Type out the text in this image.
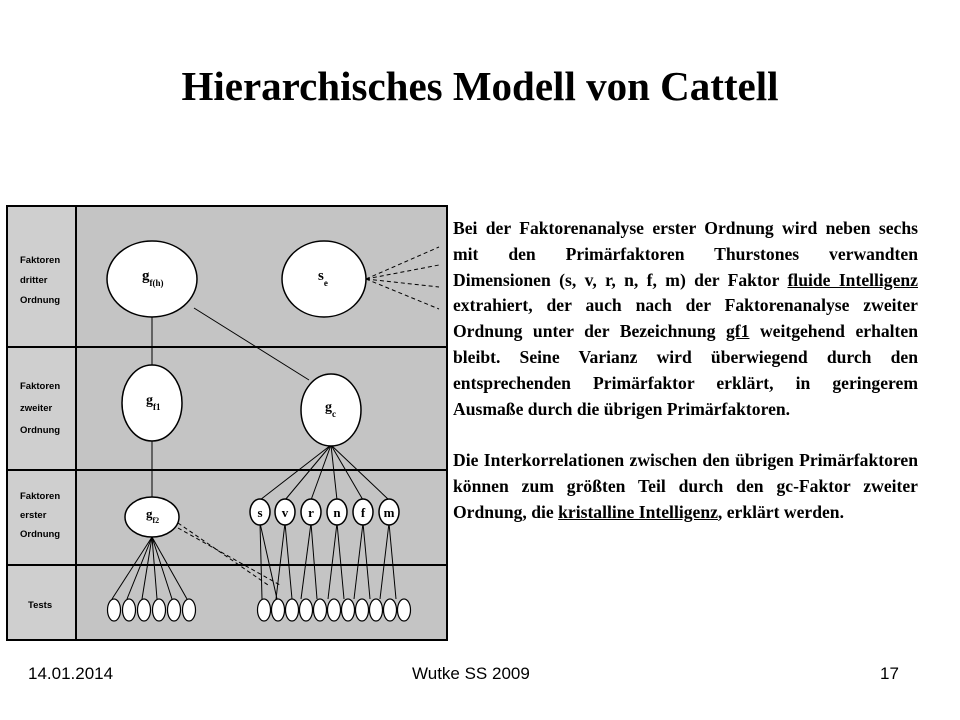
Hierarchisches Modell von Cattell
Faktoren dritter Ordnung
Faktoren zweiter Ordnung
Faktoren erster Ordnung
Tests
$g_{f(h)}$	$s_e$
$g_{f1}$	$g_c$
$g_{f2}$
s v r n f m

Bei der Faktorenanalyse erster Ordnung wird neben sechs mit den Primärfaktoren Thurstones verwandten Dimensionen (s, v, r, n, f, m) der Faktor fluide Intelligenz extrahiert, der auch nach der Faktorenanalyse zweiter Ordnung unter der Bezeichnung gf1 weitgehend erhalten bleibt. Seine Varianz wird überwiegend durch den entsprechenden Primärfaktor erklärt, in geringerem Ausmaße durch die übrigen Primärfaktoren.

Die Interkorrelationen zwischen den übrigen Primärfaktoren können zum größten Teil durch den gc-Faktor zweiter Ordnung, die kristalline Intelligenz, erklärt werden.

14.01.2014	Wutke SS 2009	17
